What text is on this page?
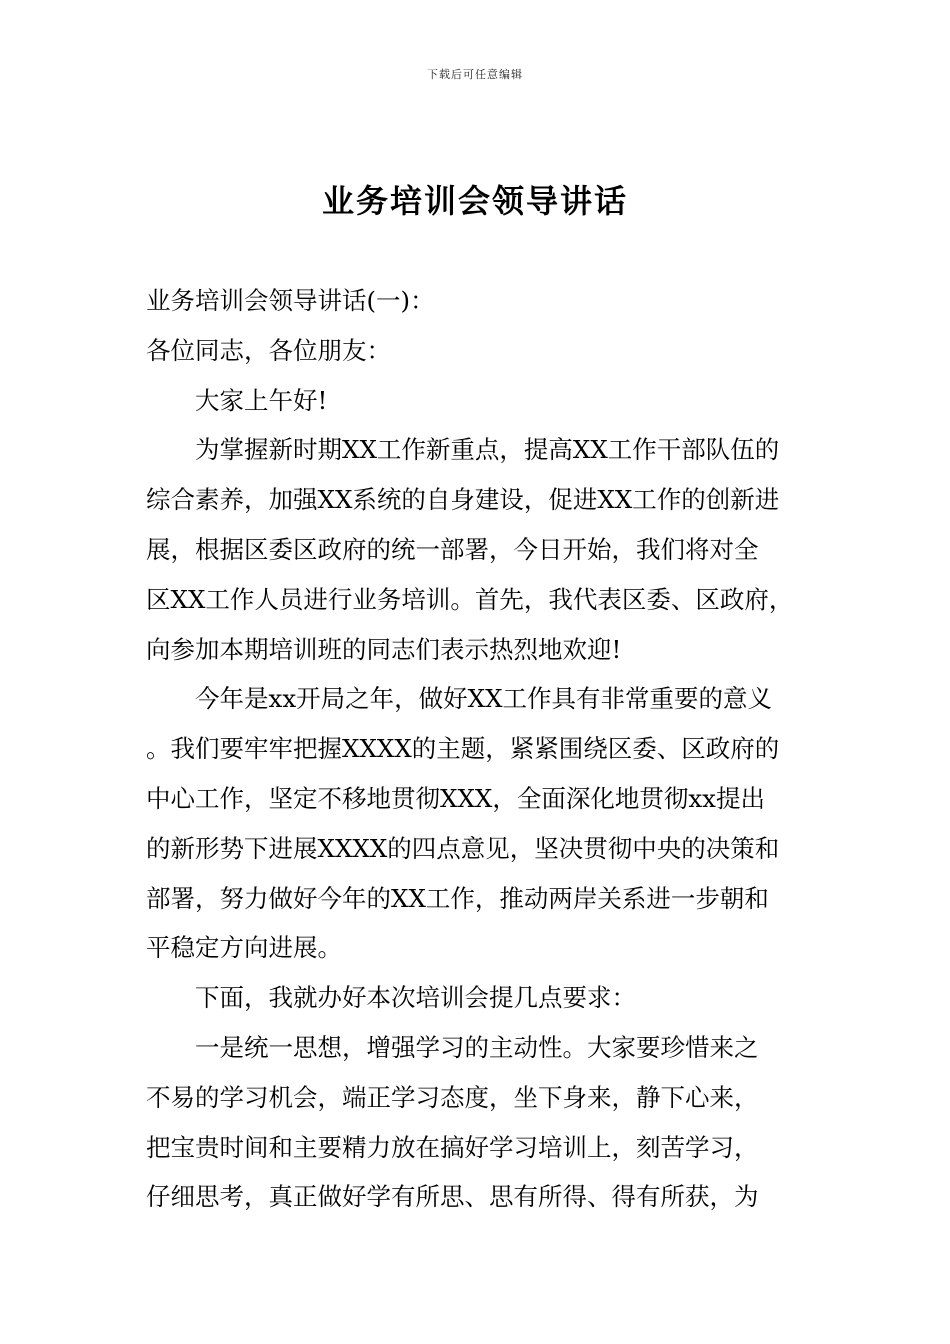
下载后可任意编辑
业务培训会领导讲话
业务培训会领导讲话(一)：
各位同志，各位朋友：
大家上午好!
为掌握新时期XX工作新重点，提高XX工作干部队伍的
综合素养，加强XX系统的自身建设，促进XX工作的创新进
展，根据区委区政府的统一部署，今日开始，我们将对全
区XX工作人员进行业务培训。首先，我代表区委、区政府，
向参加本期培训班的同志们表示热烈地欢迎!
今年是xx开局之年，做好XX工作具有非常重要的意义
。我们要牢牢把握XXXX的主题，紧紧围绕区委、区政府的
中心工作，坚定不移地贯彻XXX，全面深化地贯彻xx提出
的新形势下进展XXXX的四点意见，坚决贯彻中央的决策和
部署，努力做好今年的XX工作，推动两岸关系进一步朝和
平稳定方向进展。
下面，我就办好本次培训会提几点要求：
一是统一思想，增强学习的主动性。大家要珍惜来之
不易的学习机会，端正学习态度，坐下身来，静下心来，
把宝贵时间和主要精力放在搞好学习培训上，刻苦学习，
仔细思考，真正做好学有所思、思有所得、得有所获，为
